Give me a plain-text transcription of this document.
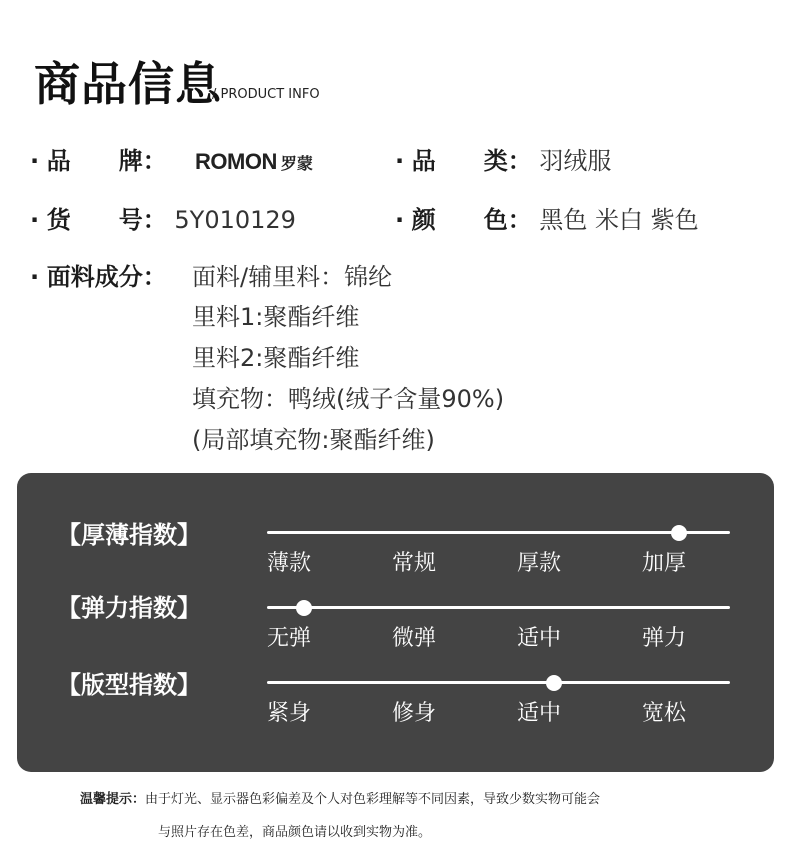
商品信息
/ PRODUCT INFO
· 品　　牌： ROMON 罗蒙	· 品　　类： 羽绒服
· 货　　号： 5Y010129	· 颜　　色： 黑色 米白 紫色
· 面料成分： 面料/辅里料：锦纶
里料1:聚酯纤维
里料2:聚酯纤维
填充物：鸭绒(绒子含量90%)
(局部填充物:聚酯纤维)
【厚薄指数】
薄款	常规	厚款	加厚
【弹力指数】
无弹	微弹	适中	弹力
【版型指数】
紧身	修身	适中	宽松
温馨提示：由于灯光、显示器色彩偏差及个人对色彩理解等不同因素，导致少数实物可能会
与照片存在色差，商品颜色请以收到实物为准。
